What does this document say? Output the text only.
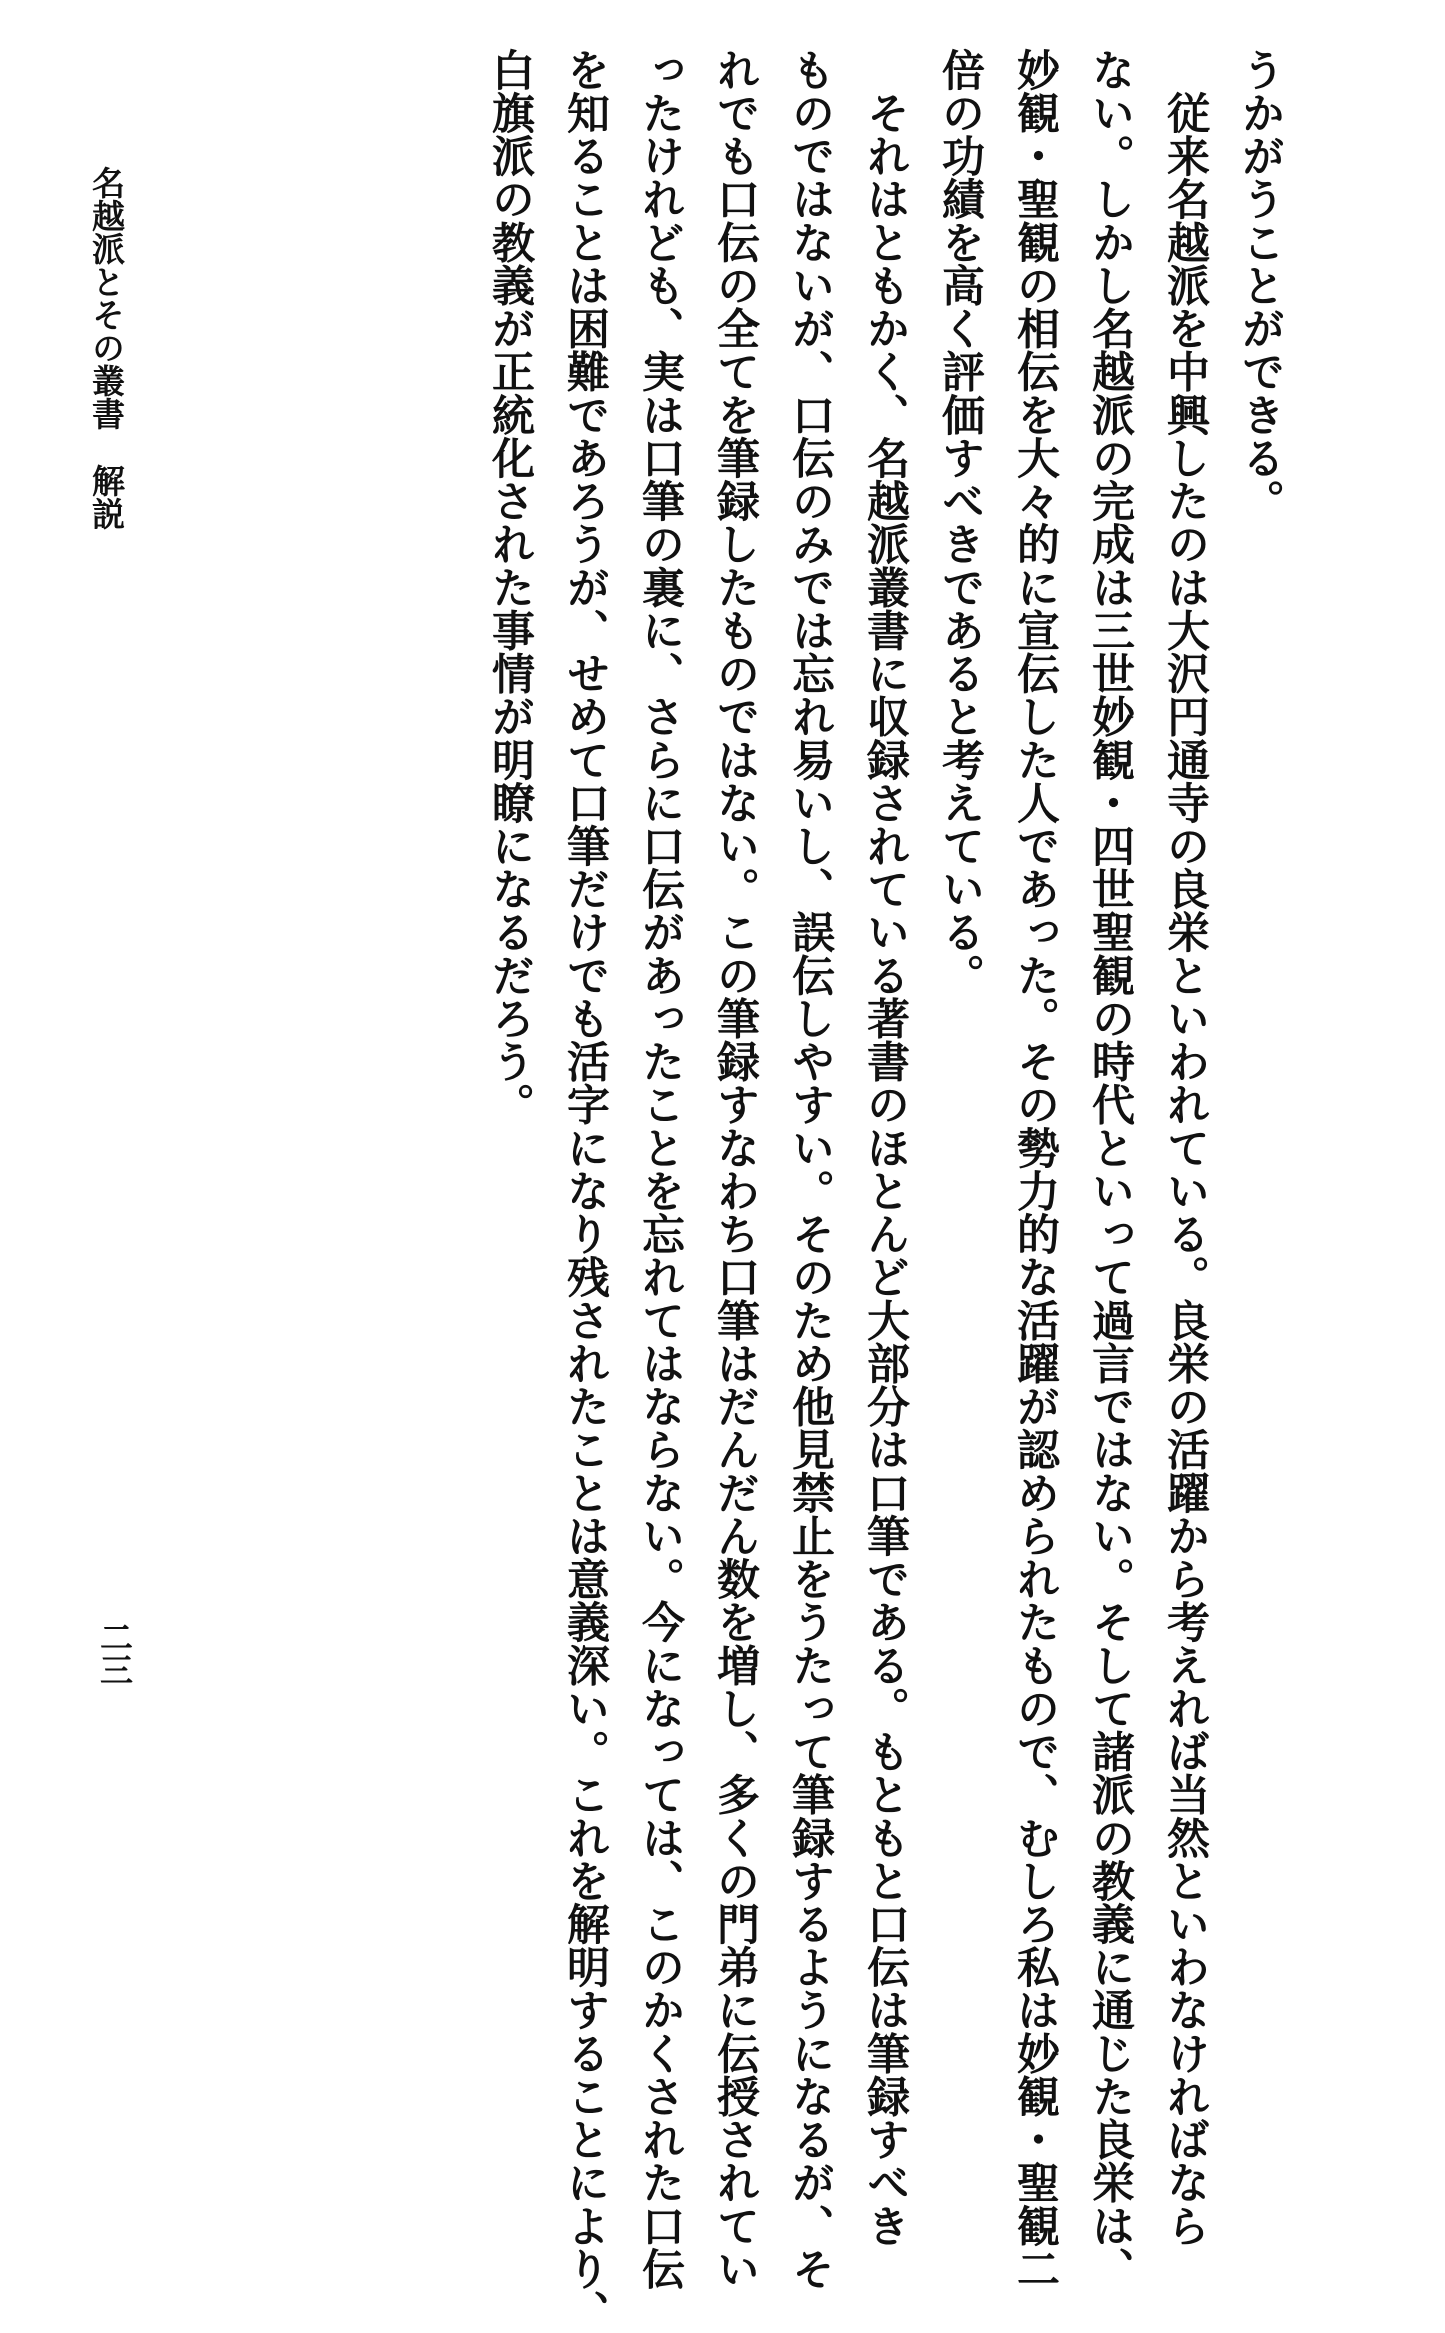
うかがうことができる。

　従来名越派を中興したのは大沢円通寺の良栄といわれている。良栄の活躍から考えれば当然といわなければなら
ない。しかし名越派の完成は三世妙観・四世聖観の時代といって過言ではない。そして諸派の教義に通じた良栄は、
妙観・聖観の相伝を大々的に宣伝した人であった。その勢力的な活躍が認められたもので、むしろ私は妙観・聖観二
倍の功績を高く評価すべきであると考えている。

　それはともかく、名越派叢書に収録されている著書のほとんど大部分は口筆である。もともと口伝は筆録すべき
ものではないが、口伝のみでは忘れ易いし、誤伝しやすい。そのため他見禁止をうたって筆録するようになるが、そ
れでも口伝の全てを筆録したものではない。この筆録すなわち口筆はだんだん数を増し、多くの門弟に伝授されてい
ったけれども、実は口筆の裏に、さらに口伝があったことを忘れてはならない。今になっては、このかくされた口伝
を知ることは困難であろうが、せめて口筆だけでも活字になり残されたことは意義深い。これを解明することにより、
白旗派の教義が正統化された事情が明瞭になるだろう。

名越派とその叢書解説
二三
